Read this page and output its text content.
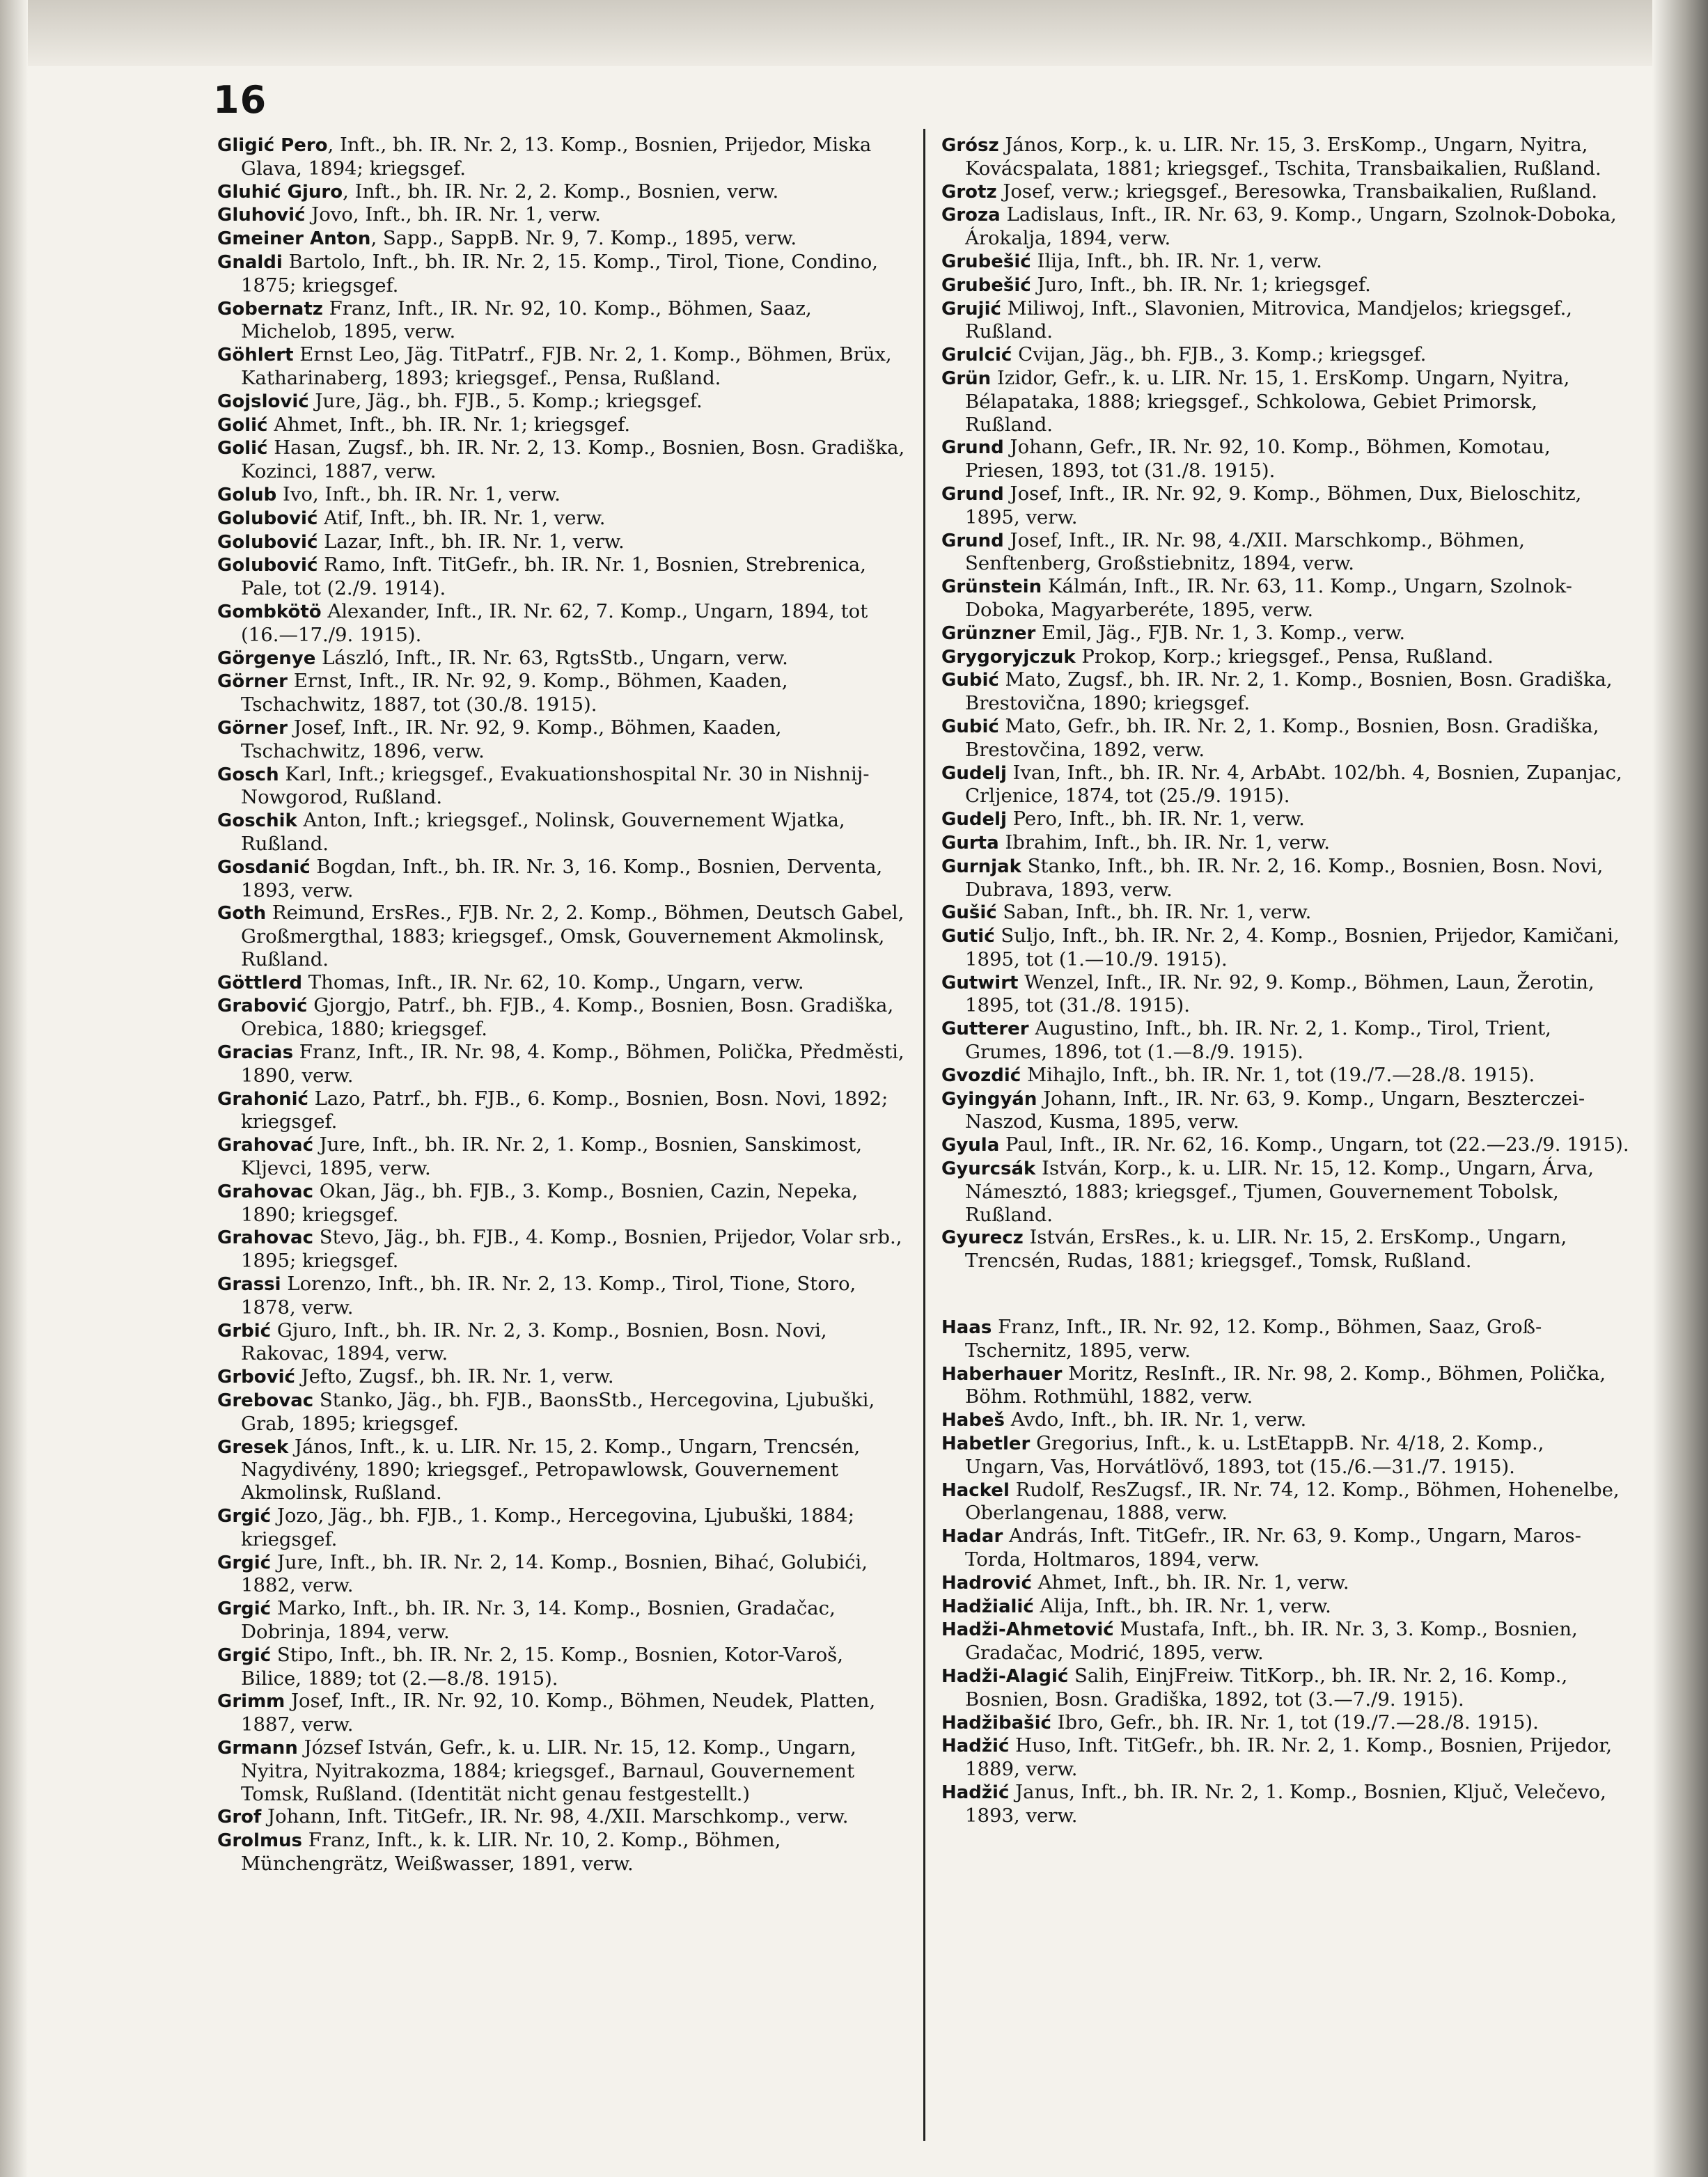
16

Gligić Pero, Inft., bh. IR. Nr. 2, 13. Komp., Bosnien, Prijedor, Miska Glava, 1894; kriegsgef.

Gluhić Gjuro, Inft., bh. IR. Nr. 2, 2. Komp., Bosnien, verw.

Gluhović Jovo, Inft., bh. IR. Nr. 1, verw.

Gmeiner Anton, Sapp., SappB. Nr. 9, 7. Komp., 1895, verw.

Gnaldi Bartolo, Inft., bh. IR. Nr. 2, 15. Komp., Tirol, Tione, Condino, 1875; kriegsgef.

Gobernatz Franz, Inft., IR. Nr. 92, 10. Komp., Böhmen, Saaz, Michelob, 1895, verw.

Göhlert Ernst Leo, Jäg. TitPatrf., FJB. Nr. 2, 1. Komp., Böhmen, Brüx, Katharinaberg, 1893; kriegsgef., Pensa, Rußland.

Gojslović Jure, Jäg., bh. FJB., 5. Komp.; kriegsgef.

Golić Ahmet, Inft., bh. IR. Nr. 1; kriegsgef.

Golić Hasan, Zugsf., bh. IR. Nr. 2, 13. Komp., Bosnien, Bosn. Gradiška, Kozinci, 1887, verw.

Golub Ivo, Inft., bh. IR. Nr. 1, verw.

Golubović Atif, Inft., bh. IR. Nr. 1, verw.

Golubović Lazar, Inft., bh. IR. Nr. 1, verw.

Golubović Ramo, Inft. TitGefr., bh. IR. Nr. 1, Bosnien, Strebrenica, Pale, tot (2./9. 1914).

Gombkötö Alexander, Inft., IR. Nr. 62, 7. Komp., Ungarn, 1894, tot (16.—17./9. 1915).

Görgenye László, Inft., IR. Nr. 63, RgtsStb., Ungarn, verw.

Görner Ernst, Inft., IR. Nr. 92, 9. Komp., Böhmen, Kaaden, Tschachwitz, 1887, tot (30./8. 1915).

Görner Josef, Inft., IR. Nr. 92, 9. Komp., Böhmen, Kaaden, Tschachwitz, 1896, verw.

Gosch Karl, Inft.; kriegsgef., Evakuationshospital Nr. 30 in Nishnij-Nowgorod, Rußland.

Goschik Anton, Inft.; kriegsgef., Nolinsk, Gouvernement Wjatka, Rußland.

Gosdanić Bogdan, Inft., bh. IR. Nr. 3, 16. Komp., Bosnien, Derventa, 1893, verw.

Goth Reimund, ErsRes., FJB. Nr. 2, 2. Komp., Böhmen, Deutsch Gabel, Großmergthal, 1883; kriegsgef., Omsk, Gouvernement Akmolinsk, Rußland.

Göttlerd Thomas, Inft., IR. Nr. 62, 10. Komp., Ungarn, verw.

Grabović Gjorgjo, Patrf., bh. FJB., 4. Komp., Bosnien, Bosn. Gradiška, Orebica, 1880; kriegsgef.

Gracias Franz, Inft., IR. Nr. 98, 4. Komp., Böhmen, Polička, Předměsti, 1890, verw.

Grahonić Lazo, Patrf., bh. FJB., 6. Komp., Bosnien, Bosn. Novi, 1892; kriegsgef.

Grahovać Jure, Inft., bh. IR. Nr. 2, 1. Komp., Bosnien, Sanskimost, Kljevci, 1895, verw.

Grahovac Okan, Jäg., bh. FJB., 3. Komp., Bosnien, Cazin, Nepeka, 1890; kriegsgef.

Grahovac Stevo, Jäg., bh. FJB., 4. Komp., Bosnien, Prijedor, Volar srb., 1895; kriegsgef.

Grassi Lorenzo, Inft., bh. IR. Nr. 2, 13. Komp., Tirol, Tione, Storo, 1878, verw.

Grbić Gjuro, Inft., bh. IR. Nr. 2, 3. Komp., Bosnien, Bosn. Novi, Rakovac, 1894, verw.

Grbović Jefto, Zugsf., bh. IR. Nr. 1, verw.

Grebovac Stanko, Jäg., bh. FJB., BaonsStb., Hercegovina, Ljubuški, Grab, 1895; kriegsgef.

Gresek János, Inft., k. u. LIR. Nr. 15, 2. Komp., Ungarn, Trencsén, Nagydivény, 1890; kriegsgef., Petropawlowsk, Gouvernement Akmolinsk, Rußland.

Grgić Jozo, Jäg., bh. FJB., 1. Komp., Hercegovina, Ljubuški, 1884; kriegsgef.

Grgić Jure, Inft., bh. IR. Nr. 2, 14. Komp., Bosnien, Bihać, Golubići, 1882, verw.

Grgić Marko, Inft., bh. IR. Nr. 3, 14. Komp., Bosnien, Gradačac, Dobrinja, 1894, verw.

Grgić Stipo, Inft., bh. IR. Nr. 2, 15. Komp., Bosnien, Kotor-Varoš, Bilice, 1889; tot (2.—8./8. 1915).

Grimm Josef, Inft., IR. Nr. 92, 10. Komp., Böhmen, Neudek, Platten, 1887, verw.

Grmann József István, Gefr., k. u. LIR. Nr. 15, 12. Komp., Ungarn, Nyitra, Nyitrakozma, 1884; kriegsgef., Barnaul, Gouvernement Tomsk, Rußland. (Identität nicht genau festgestellt.)

Grof Johann, Inft. TitGefr., IR. Nr. 98, 4./XII. Marschkomp., verw.

Grolmus Franz, Inft., k. k. LIR. Nr. 10, 2. Komp., Böhmen, Münchengrätz, Weißwasser, 1891, verw.

Grósz János, Korp., k. u. LIR. Nr. 15, 3. ErsKomp., Ungarn, Nyitra, Kovácspalata, 1881; kriegsgef., Tschita, Transbaikalien, Rußland.

Grotz Josef, verw.; kriegsgef., Beresowka, Transbaikalien, Rußland.

Groza Ladislaus, Inft., IR. Nr. 63, 9. Komp., Ungarn, Szolnok-Doboka, Árokalja, 1894, verw.

Grubešić Ilija, Inft., bh. IR. Nr. 1, verw.

Grubešić Juro, Inft., bh. IR. Nr. 1; kriegsgef.

Grujić Miliwoj, Inft., Slavonien, Mitrovica, Mandjelos; kriegsgef., Rußland.

Grulcić Cvijan, Jäg., bh. FJB., 3. Komp.; kriegsgef.

Grün Izidor, Gefr., k. u. LIR. Nr. 15, 1. ErsKomp. Ungarn, Nyitra, Bélapataka, 1888; kriegsgef., Schkolowa, Gebiet Primorsk, Rußland.

Grund Johann, Gefr., IR. Nr. 92, 10. Komp., Böhmen, Komotau, Priesen, 1893, tot (31./8. 1915).

Grund Josef, Inft., IR. Nr. 92, 9. Komp., Böhmen, Dux, Bieloschitz, 1895, verw.

Grund Josef, Inft., IR. Nr. 98, 4./XII. Marschkomp., Böhmen, Senftenberg, Großstiebnitz, 1894, verw.

Grünstein Kálmán, Inft., IR. Nr. 63, 11. Komp., Ungarn, Szolnok-Doboka, Magyarberéte, 1895, verw.

Grünzner Emil, Jäg., FJB. Nr. 1, 3. Komp., verw.

Grygoryjczuk Prokop, Korp.; kriegsgef., Pensa, Rußland.

Gubić Mato, Zugsf., bh. IR. Nr. 2, 1. Komp., Bosnien, Bosn. Gradiška, Brestovična, 1890; kriegsgef.

Gubić Mato, Gefr., bh. IR. Nr. 2, 1. Komp., Bosnien, Bosn. Gradiška, Brestovčina, 1892, verw.

Gudelj Ivan, Inft., bh. IR. Nr. 4, ArbAbt. 102/bh. 4, Bosnien, Zupanjac, Crljenice, 1874, tot (25./9. 1915).

Gudelj Pero, Inft., bh. IR. Nr. 1, verw.

Gurta Ibrahim, Inft., bh. IR. Nr. 1, verw.

Gurnjak Stanko, Inft., bh. IR. Nr. 2, 16. Komp., Bosnien, Bosn. Novi, Dubrava, 1893, verw.

Gušić Saban, Inft., bh. IR. Nr. 1, verw.

Gutić Suljo, Inft., bh. IR. Nr. 2, 4. Komp., Bosnien, Prijedor, Kamičani, 1895, tot (1.—10./9. 1915).

Gutwirt Wenzel, Inft., IR. Nr. 92, 9. Komp., Böhmen, Laun, Žerotin, 1895, tot (31./8. 1915).

Gutterer Augustino, Inft., bh. IR. Nr. 2, 1. Komp., Tirol, Trient, Grumes, 1896, tot (1.—8./9. 1915).

Gvozdić Mihajlo, Inft., bh. IR. Nr. 1, tot (19./7.—28./8. 1915).

Gyingyán Johann, Inft., IR. Nr. 63, 9. Komp., Ungarn, Beszterczei-Naszod, Kusma, 1895, verw.

Gyula Paul, Inft., IR. Nr. 62, 16. Komp., Ungarn, tot (22.—23./9. 1915).

Gyurcsák István, Korp., k. u. LIR. Nr. 15, 12. Komp., Ungarn, Árva, Námesztó, 1883; kriegsgef., Tjumen, Gouvernement Tobolsk, Rußland.

Gyurecz István, ErsRes., k. u. LIR. Nr. 15, 2. ErsKomp., Ungarn, Trencsén, Rudas, 1881; kriegsgef., Tomsk, Rußland.

Haas Franz, Inft., IR. Nr. 92, 12. Komp., Böhmen, Saaz, Groß-Tschernitz, 1895, verw.

Haberhauer Moritz, ResInft., IR. Nr. 98, 2. Komp., Böhmen, Polička, Böhm. Rothmühl, 1882, verw.

Habeš Avdo, Inft., bh. IR. Nr. 1, verw.

Habetler Gregorius, Inft., k. u. LstEtappB. Nr. 4/18, 2. Komp., Ungarn, Vas, Horvátlövő, 1893, tot (15./6.—31./7. 1915).

Hackel Rudolf, ResZugsf., IR. Nr. 74, 12. Komp., Böhmen, Hohenelbe, Oberlangenau, 1888, verw.

Hadar András, Inft. TitGefr., IR. Nr. 63, 9. Komp., Ungarn, Maros-Torda, Holtmaros, 1894, verw.

Hadrović Ahmet, Inft., bh. IR. Nr. 1, verw.

Hadžialić Alija, Inft., bh. IR. Nr. 1, verw.

Hadži-Ahmetović Mustafa, Inft., bh. IR. Nr. 3, 3. Komp., Bosnien, Gradačac, Modrić, 1895, verw.

Hadži-Alagić Salih, EinjFreiw. TitKorp., bh. IR. Nr. 2, 16. Komp., Bosnien, Bosn. Gradiška, 1892, tot (3.—7./9. 1915).

Hadžibašić Ibro, Gefr., bh. IR. Nr. 1, tot (19./7.—28./8. 1915).

Hadžić Huso, Inft. TitGefr., bh. IR. Nr. 2, 1. Komp., Bosnien, Prijedor, 1889, verw.

Hadžić Janus, Inft., bh. IR. Nr. 2, 1. Komp., Bosnien, Ključ, Velečevo, 1893, verw.
